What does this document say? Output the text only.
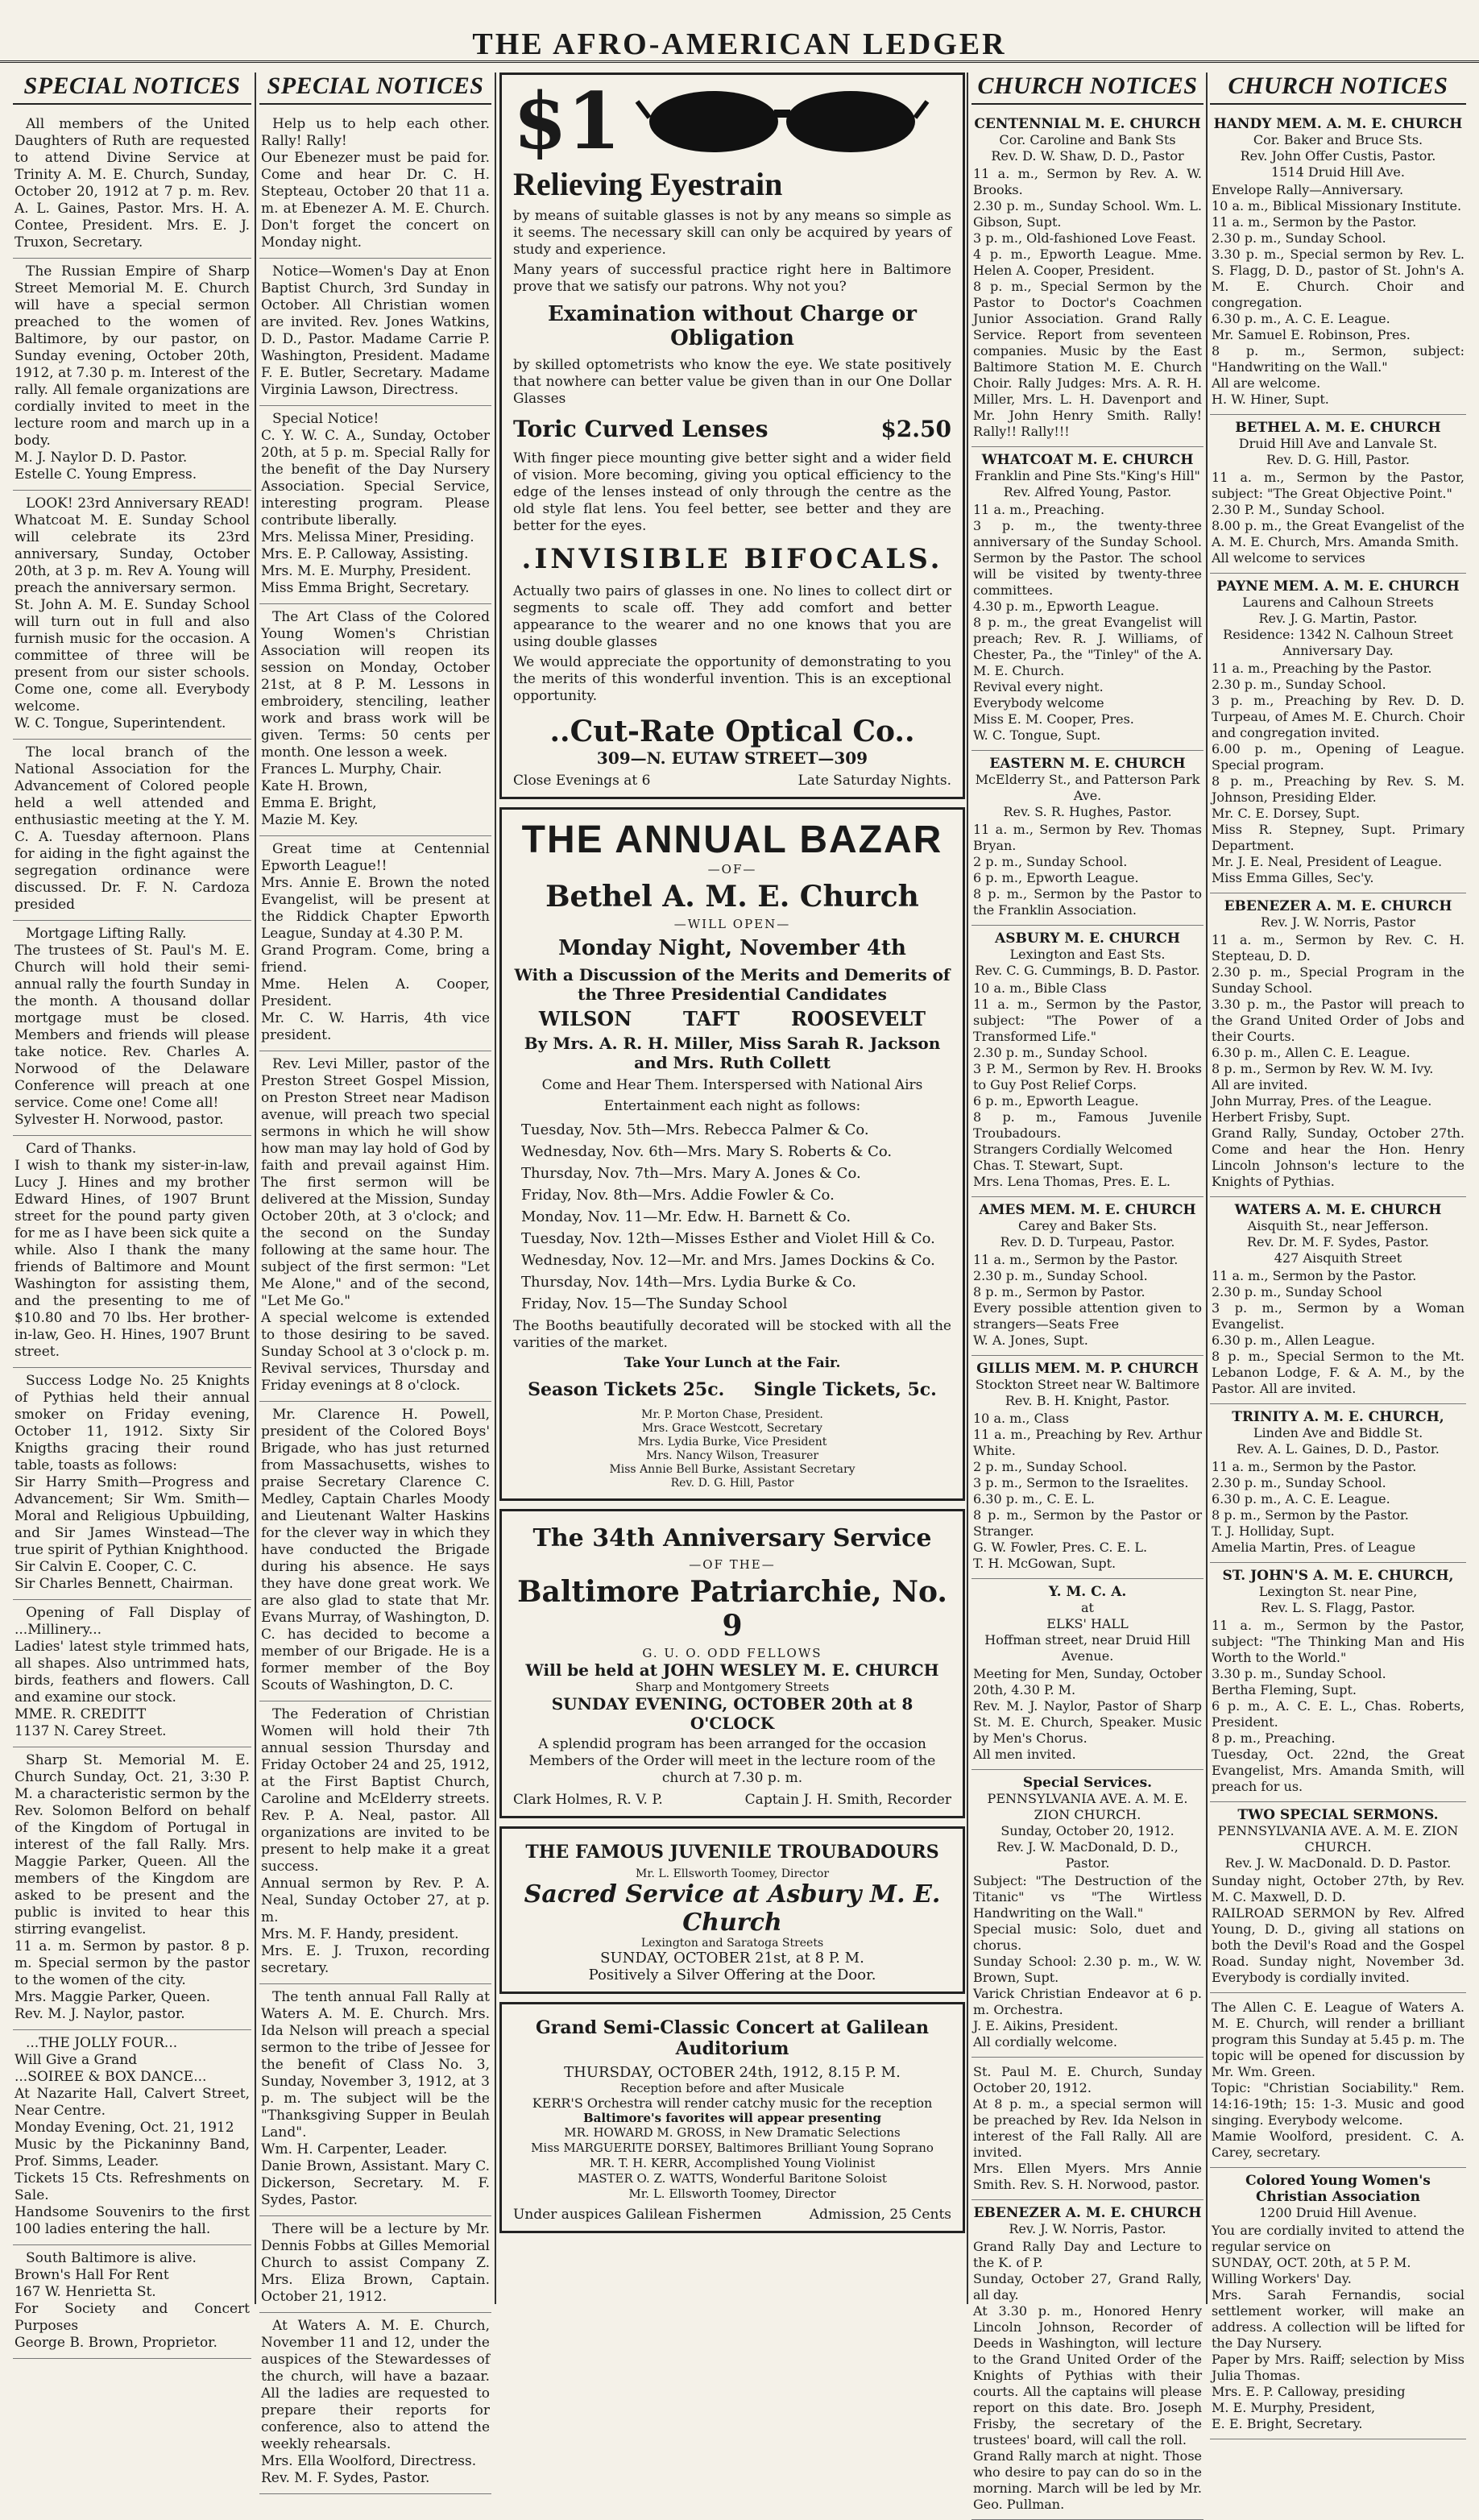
THE AFRO-AMERICAN LEDGER
SPECIAL NOTICES
All members of the United Daughters of Ruth are requested to attend Divine Service at Trinity A. M. E. Church, Sunday, October 20, 1912 at 7 p. m. Rev. A. L. Gaines, Pastor. Mrs. H. A. Contee, President. Mrs. E. J. Truxon, Secretary.
The Russian Empire of Sharp Street Memorial M. E. Church will have a special sermon preached to the women of Baltimore, by our pastor, on Sunday evening, October 20th, 1912, at 7.30 p. m. Interest of the rally. All female organizations are cordially invited to meet in the lecture room and march up in a body.
M. J. Naylor D. D. Pastor.
Estelle C. Young Empress.
LOOK! 23rd Anniversary READ! Whatcoat M. E. Sunday School will celebrate its 23rd anniversary, Sunday, October 20th, at 3 p. m. Rev A. Young will preach the anniversary sermon.
St. John A. M. E. Sunday School will turn out in full and also furnish music for the occasion. A committee of three will be present from our sister schools. Come one, come all. Everybody welcome.
W. C. Tongue, Superintendent.
The local branch of the National Association for the Advancement of Colored people held a well attended and enthusiastic meeting at the Y. M. C. A. Tuesday afternoon. Plans for aiding in the fight against the segregation ordinance were discussed. Dr. F. N. Cardoza presided
Mortgage Lifting Rally.
The trustees of St. Paul's M. E. Church will hold their semi-annual rally the fourth Sunday in the month. A thousand dollar mortgage must be closed. Members and friends will please take notice. Rev. Charles A. Norwood of the Delaware Conference will preach at one service. Come one! Come all!
Sylvester H. Norwood, pastor.
Card of Thanks.
I wish to thank my sister-in-law, Lucy J. Hines and my brother Edward Hines, of 1907 Brunt street for the pound party given for me as I have been sick quite a while. Also I thank the many friends of Baltimore and Mount Washington for assisting them, and the presenting to me of $10.80 and 70 lbs. Her brother-in-law, Geo. H. Hines, 1907 Brunt street.
Success Lodge No. 25 Knights of Pythias held their annual smoker on Friday evening, October 11, 1912. Sixty Sir Knigths gracing their round table, toasts as follows:
Sir Harry Smith—Progress and Advancement; Sir Wm. Smith—Moral and Religious Upbuilding, and Sir James Winstead—The true spirit of Pythian Knighthood.
Sir Calvin E. Cooper, C. C.
Sir Charles Bennett, Chairman.
Opening of Fall Display of ...Millinery...
Ladies' latest style trimmed hats, all shapes. Also untrimmed hats, birds, feathers and flowers. Call and examine our stock.
MME. R. CREDITT
1137 N. Carey Street.
Sharp St. Memorial M. E. Church Sunday, Oct. 21, 3:30 P. M. a characteristic sermon by the Rev. Solomon Belford on behalf of the Kingdom of Portugal in interest of the fall Rally. Mrs. Maggie Parker, Queen. All the members of the Kingdom are asked to be present and the public is invited to hear this stirring evangelist.
11 a. m. Sermon by pastor. 8 p. m. Special sermon by the pastor to the women of the city.
Mrs. Maggie Parker, Queen.
Rev. M. J. Naylor, pastor.
...THE JOLLY FOUR...
Will Give a Grand
...SOIREE & BOX DANCE...
At Nazarite Hall, Calvert Street, Near Centre.
Monday Evening, Oct. 21, 1912
Music by the Pickaninny Band, Prof. Simms, Leader.
Tickets 15 Cts. Refreshments on Sale.
Handsome Souvenirs to the first 100 ladies entering the hall.
South Baltimore is alive.
Brown's Hall For Rent
167 W. Henrietta St.
For Society and Concert Purposes
George B. Brown, Proprietor.
SPECIAL NOTICES
Help us to help each other. Rally! Rally!
Our Ebenezer must be paid for. Come and hear Dr. C. H. Stepteau, October 20 that 11 a. m. at Ebenezer A. M. E. Church. Don't forget the concert on Monday night.
Notice—Women's Day at Enon Baptist Church, 3rd Sunday in October. All Christian women are invited. Rev. Jones Watkins, D. D., Pastor. Madame Carrie P. Washington, President. Madame F. E. Butler, Secretary. Madame Virginia Lawson, Directress.
Special Notice!
C. Y. W. C. A., Sunday, October 20th, at 5 p. m. Special Rally for the benefit of the Day Nursery Association. Special Service, interesting program. Please contribute liberally.
Mrs. Melissa Miner, Presiding.
Mrs. E. P. Calloway, Assisting.
Mrs. M. E. Murphy, President.
Miss Emma Bright, Secretary.
The Art Class of the Colored Young Women's Christian Association will reopen its session on Monday, October 21st, at 8 P. M. Lessons in embroidery, stenciling, leather work and brass work will be given. Terms: 50 cents per month. One lesson a week.
Frances L. Murphy, Chair.
Kate H. Brown,
Emma E. Bright,
Mazie M. Key.
Great time at Centennial Epworth League!!
Mrs. Annie E. Brown the noted Evangelist, will be present at the Riddick Chapter Epworth League, Sunday at 4.30 P. M.
Grand Program. Come, bring a friend.
Mme. Helen A. Cooper, President.
Mr. C. W. Harris, 4th vice president.
Rev. Levi Miller, pastor of the Preston Street Gospel Mission, on Preston Street near Madison avenue, will preach two special sermons in which he will show how man may lay hold of God by faith and prevail against Him. The first sermon will be delivered at the Mission, Sunday October 20th, at 3 o'clock; and the second on the Sunday following at the same hour. The subject of the first sermon: "Let Me Alone," and of the second, "Let Me Go."
A special welcome is extended to those desiring to be saved. Sunday School at 3 o'clock p. m. Revival services, Thursday and Friday evenings at 8 o'clock.
Mr. Clarence H. Powell, president of the Colored Boys' Brigade, who has just returned from Massachusetts, wishes to praise Secretary Clarence C. Medley, Captain Charles Moody and Lieutenant Walter Haskins for the clever way in which they have conducted the Brigade during his absence. He says they have done great work. We are also glad to state that Mr. Evans Murray, of Washington, D. C. has decided to become a member of our Brigade. He is a former member of the Boy Scouts of Washington, D. C.
The Federation of Christian Women will hold their 7th annual session Thursday and Friday October 24 and 25, 1912, at the First Baptist Church, Caroline and McElderry streets. Rev. P. A. Neal, pastor. All organizations are invited to be present to help make it a great success.
Annual sermon by Rev. P. A. Neal, Sunday October 27, at p. m.
Mrs. M. F. Handy, president.
Mrs. E. J. Truxon, recording secretary.
The tenth annual Fall Rally at Waters A. M. E. Church. Mrs. Ida Nelson will preach a special sermon to the tribe of Jessee for the benefit of Class No. 3, Sunday, November 3, 1912, at 3 p. m. The subject will be the "Thanksgiving Supper in Beulah Land".
Wm. H. Carpenter, Leader.
Danie Brown, Assistant. Mary C. Dickerson, Secretary. M. F. Sydes, Pastor.
There will be a lecture by Mr. Dennis Fobbs at Gilles Memorial Church to assist Company Z. Mrs. Eliza Brown, Captain. October 21, 1912.
At Waters A. M. E. Church, November 11 and 12, under the auspices of the Stewardesses of the church, will have a bazaar. All the ladies are requested to prepare their reports for conference, also to attend the weekly rehearsals.
Mrs. Ella Woolford, Directress.
Rev. M. F. Sydes, Pastor.
$1
Relieving Eyestrain

by means of suitable glasses is not by any means so simple as it seems. The necessary skill can only be acquired by years of study and experience.

Many years of successful practice right here in Baltimore prove that we satisfy our patrons. Why not you?

Examination without Charge or Obligation

by skilled optometrists who know the eye. We state positively that nowhere can better value be given than in our One Dollar Glasses

Toric Curved Lenses	$2.50

With finger piece mounting give better sight and a wider field of vision. More becoming, giving you optical efficiency to the edge of the lenses instead of only through the centre as the old style flat lens. You feel better, see better and they are better for the eyes.

.INVISIBLE BIFOCALS.

Actually two pairs of glasses in one. No lines to collect dirt or segments to scale off. They add comfort and better appearance to the wearer and no one knows that you are using double glasses

We would appreciate the opportunity of demonstrating to you the merits of this wonderful invention. This is an exceptional opportunity.

..Cut-Rate Optical Co..
309—N. EUTAW STREET—309
Close Evenings at 6	Late Saturday Nights.
THE ANNUAL BAZAR
—OF—
Bethel A. M. E. Church
—WILL OPEN—
Monday Night, November 4th
With a Discussion of the Merits and Demerits of the Three Presidential Candidates
WILSON	TAFT	ROOSEVELT
By Mrs. A. R. H. Miller, Miss Sarah R. Jackson and Mrs. Ruth Collett
Come and Hear Them. Interspersed with National Airs
Entertainment each night as follows:
Tuesday, Nov. 5th—Mrs. Rebecca Palmer & Co.
Wednesday, Nov. 6th—Mrs. Mary S. Roberts & Co.
Thursday, Nov. 7th—Mrs. Mary A. Jones & Co.
Friday, Nov. 8th—Mrs. Addie Fowler & Co.
Monday, Nov. 11—Mr. Edw. H. Barnett & Co.
Tuesday, Nov. 12th—Misses Esther and Violet Hill & Co.
Wednesday, Nov. 12—Mr. and Mrs. James Dockins & Co.
Thursday, Nov. 14th—Mrs. Lydia Burke & Co.
Friday, Nov. 15—The Sunday School

The Booths beautifully decorated will be stocked with all the varities of the market.

Take Your Lunch at the Fair.
Season Tickets 25c. Single Tickets, 5c.
Mr. P. Morton Chase, President.
Mrs. Grace Westcott, Secretary
Mrs. Lydia Burke, Vice President
Mrs. Nancy Wilson, Treasurer
Miss Annie Bell Burke, Assistant Secretary
Rev. D. G. Hill, Pastor
The 34th Anniversary Service
—OF THE—
Baltimore Patriarchie, No. 9
G. U. O. ODD FELLOWS
Will be held at JOHN WESLEY M. E. CHURCH
Sharp and Montgomery Streets
SUNDAY EVENING, OCTOBER 20th at 8 O'CLOCK

A splendid program has been arranged for the occasion Members of the Order will meet in the lecture room of the church at 7.30 p. m.

Clark Holmes, R. V. P.	Captain J. H. Smith, Recorder
THE FAMOUS JUVENILE TROUBADOURS
Mr. L. Ellsworth Toomey, Director
Sacred Service at Asbury M. E. Church
Lexington and Saratoga Streets
SUNDAY, OCTOBER 21st, at 8 P. M.
Positively a Silver Offering at the Door.
Grand Semi-Classic Concert at Galilean Auditorium
THURSDAY, OCTOBER 24th, 1912, 8.15 P. M.
Reception before and after Musicale
KERR'S Orchestra will render catchy music for the reception
Baltimore's favorites will appear presenting
MR. HOWARD M. GROSS, in New Dramatic Selections
Miss MARGUERITE DORSEY, Baltimores Brilliant Young Soprano
MR. T. H. KERR, Accomplished Young Violinist
MASTER O. Z. WATTS, Wonderful Baritone Soloist
Mr. L. Ellsworth Toomey, Director
Under auspices Galilean Fishermen	Admission, 25 Cents
CHURCH NOTICES
CENTENNIAL M. E. CHURCH
Cor. Caroline and Bank Sts
Rev. D. W. Shaw, D. D., Pastor
11 a. m., Sermon by Rev. A. W. Brooks.
2.30 p. m., Sunday School. Wm. L. Gibson, Supt.
3 p. m., Old-fashioned Love Feast.
4 p. m., Epworth League. Mme. Helen A. Cooper, President.
8 p. m., Special Sermon by the Pastor to Doctor's Coachmen Junior Association. Grand Rally Service. Report from seventeen companies. Music by the East Baltimore Station M. E. Church Choir. Rally Judges: Mrs. A. R. H. Miller, Mrs. L. H. Davenport and Mr. John Henry Smith. Rally! Rally!! Rally!!!
WHATCOAT M. E. CHURCH
Franklin and Pine Sts."King's Hill"
Rev. Alfred Young, Pastor.
11 a. m., Preaching.
3 p. m., the twenty-three anniversary of the Sunday School. Sermon by the Pastor. The school will be visited by twenty-three committees.
4.30 p. m., Epworth League.
8 p. m., the great Evangelist will preach; Rev. R. J. Williams, of Chester, Pa., the "Tinley" of the A. M. E. Church.
Revival every night.
Everybody welcome
Miss E. M. Cooper, Pres.
W. C. Tongue, Supt.
EASTERN M. E. CHURCH
McElderry St., and Patterson Park Ave.
Rev. S. R. Hughes, Pastor.
11 a. m., Sermon by Rev. Thomas Bryan.
2 p. m., Sunday School.
6 p. m., Epworth League.
8 p. m., Sermon by the Pastor to the Franklin Association.
ASBURY M. E. CHURCH
Lexington and East Sts.
Rev. C. G. Cummings, B. D. Pastor.
10 a. m., Bible Class
11 a. m., Sermon by the Pastor, subject: "The Power of a Transformed Life."
2.30 p. m., Sunday School.
3 P. M., Sermon by Rev. H. Brooks to Guy Post Relief Corps.
6 p. m., Epworth League.
8 p. m., Famous Juvenile Troubadours.
Strangers Cordially Welcomed
Chas. T. Stewart, Supt.
Mrs. Lena Thomas, Pres. E. L.
AMES MEM. M. E. CHURCH
Carey and Baker Sts.
Rev. D. D. Turpeau, Pastor.
11 a. m., Sermon by the Pastor.
2.30 p. m., Sunday School.
8 p. m., Sermon by Pastor.
Every possible attention given to strangers—Seats Free
W. A. Jones, Supt.
GILLIS MEM. M. P. CHURCH
Stockton Street near W. Baltimore
Rev. B. H. Knight, Pastor.
10 a. m., Class
11 a. m., Preaching by Rev. Arthur White.
2 p. m., Sunday School.
3 p. m., Sermon to the Israelites.
6.30 p. m., C. E. L.
8 p. m., Sermon by the Pastor or Stranger.
G. W. Fowler, Pres. C. E. L.
T. H. McGowan, Supt.
Y. M. C. A.
at
ELKS' HALL
Hoffman street, near Druid Hill Avenue.
Meeting for Men, Sunday, October 20th, 4.30 P. M.
Rev. M. J. Naylor, Pastor of Sharp St. M. E. Church, Speaker. Music by Men's Chorus.
All men invited.
Special Services.
PENNSYLVANIA AVE. A. M. E. ZION CHURCH.
Sunday, October 20, 1912.
Rev. J. W. MacDonald, D. D., Pastor.
Subject: "The Destruction of the Titanic" vs "The Wirtless Handwriting on the Wall."
Special music: Solo, duet and chorus.
Sunday School: 2.30 p. m., W. W. Brown, Supt.
Varick Christian Endeavor at 6 p. m. Orchestra.
J. E. Aikins, President.
All cordially welcome.
St. Paul M. E. Church, Sunday October 20, 1912.
At 8 p. m., a special sermon will be preached by Rev. Ida Nelson in interest of the Fall Rally. All are invited.
Mrs. Ellen Myers. Mrs Annie Smith. Rev. S. H. Norwood, pastor.
EBENEZER A. M. E. CHURCH
Rev. J. W. Norris, Pastor.
Grand Rally Day and Lecture to the K. of P.
Sunday, October 27, Grand Rally, all day.
At 3.30 p. m., Honored Henry Lincoln Johnson, Recorder of Deeds in Washington, will lecture to the Grand United Order of the Knights of Pythias with their courts. All the captains will please report on this date. Bro. Joseph Frisby, the secretary of the trustees' board, will call the roll.
Grand Rally march at night. Those who desire to pay can do so in the morning. March will be led by Mr. Geo. Pullman.
CHURCH NOTICES
HANDY MEM. A. M. E. CHURCH
Cor. Baker and Bruce Sts.
Rev. John Offer Custis, Pastor.
1514 Druid Hill Ave.
Envelope Rally—Anniversary.
10 a. m., Biblical Missionary Institute.
11 a. m., Sermon by the Pastor.
2.30 p. m., Sunday School.
3.30 p. m., Special sermon by Rev. L. S. Flagg, D. D., pastor of St. John's A. M. E. Church. Choir and congregation.
6.30 p. m., A. C. E. League.
Mr. Samuel E. Robinson, Pres.
8 p. m., Sermon, subject: "Handwriting on the Wall."
All are welcome.
H. W. Hiner, Supt.
BETHEL A. M. E. CHURCH
Druid Hill Ave and Lanvale St.
Rev. D. G. Hill, Pastor.
11 a. m., Sermon by the Pastor, subject: "The Great Objective Point."
2.30 P. M., Sunday School.
8.00 p. m., the Great Evangelist of the A. M. E. Church, Mrs. Amanda Smith.
All welcome to services
PAYNE MEM. A. M. E. CHURCH
Laurens and Calhoun Streets
Rev. J. G. Martin, Pastor.
Residence: 1342 N. Calhoun Street
Anniversary Day.
11 a. m., Preaching by the Pastor.
2.30 p. m., Sunday School.
3 p. m., Preaching by Rev. D. D. Turpeau, of Ames M. E. Church. Choir and congregation invited.
6.00 p. m., Opening of League. Special program.
8 p. m., Preaching by Rev. S. M. Johnson, Presiding Elder.
Mr. C. E. Dorsey, Supt.
Miss R. Stepney, Supt. Primary Department.
Mr. J. E. Neal, President of League.
Miss Emma Gilles, Sec'y.
EBENEZER A. M. E. CHURCH
Rev. J. W. Norris, Pastor
11 a. m., Sermon by Rev. C. H. Stepteau, D. D.
2.30 p. m., Special Program in the Sunday School.
3.30 p. m., the Pastor will preach to the Grand United Order of Jobs and their Courts.
6.30 p. m., Allen C. E. League.
8 p. m., Sermon by Rev. W. M. Ivy.
All are invited.
John Murray, Pres. of the League.
Herbert Frisby, Supt.
Grand Rally, Sunday, October 27th. Come and hear the Hon. Henry Lincoln Johnson's lecture to the Knights of Pythias.
WATERS A. M. E. CHURCH
Aisquith St., near Jefferson.
Rev. Dr. M. F. Sydes, Pastor.
427 Aisquith Street
11 a. m., Sermon by the Pastor.
2.30 p. m., Sunday School
3 p. m., Sermon by a Woman Evangelist.
6.30 p. m., Allen League.
8 p. m., Special Sermon to the Mt. Lebanon Lodge, F. & A. M., by the Pastor. All are invited.
TRINITY A. M. E. CHURCH,
Linden Ave and Biddle St.
Rev. A. L. Gaines, D. D., Pastor.
11 a. m., Sermon by the Pastor.
2.30 p. m., Sunday School.
6.30 p. m., A. C. E. League.
8 p. m., Sermon by the Pastor.
T. J. Holliday, Supt.
Amelia Martin, Pres. of League
ST. JOHN'S A. M. E. CHURCH,
Lexington St. near Pine,
Rev. L. S. Flagg, Pastor.
11 a. m., Sermon by the Pastor, subject: "The Thinking Man and His Worth to the World."
3.30 p. m., Sunday School.
Bertha Fleming, Supt.
6 p. m., A. C. E. L., Chas. Roberts, President.
8 p. m., Preaching.
Tuesday, Oct. 22nd, the Great Evangelist, Mrs. Amanda Smith, will preach for us.
TWO SPECIAL SERMONS.
PENNSYLVANIA AVE. A. M. E. ZION CHURCH.
Rev. J. W. MacDonald. D. D. Pastor.
Sunday night, October 27th, by Rev. M. C. Maxwell, D. D.
RAILROAD SERMON by Rev. Alfred Young, D. D., giving all stations on both the Devil's Road and the Gospel Road. Sunday night, November 3d. Everybody is cordially invited.
The Allen C. E. League of Waters A. M. E. Church, will render a brilliant program this Sunday at 5.45 p. m. The topic will be opened for discussion by Mr. Wm. Green.
Topic: "Christian Sociability." Rem. 14:16-19th; 15: 1-3. Music and good singing. Everybody welcome.
Mamie Woolford, president. C. A. Carey, secretary.
Colored Young Women's Christian Association
1200 Druid Hill Avenue.
You are cordially invited to attend the regular service on
SUNDAY, OCT. 20th, at 5 P. M.
Willing Workers' Day.
Mrs. Sarah Fernandis, social settlement worker, will make an address. A collection will be lifted for the Day Nursery.
Paper by Mrs. Raiff; selection by Miss Julia Thomas.
Mrs. E. P. Calloway, presiding
M. E. Murphy, President,
E. E. Bright, Secretary.
